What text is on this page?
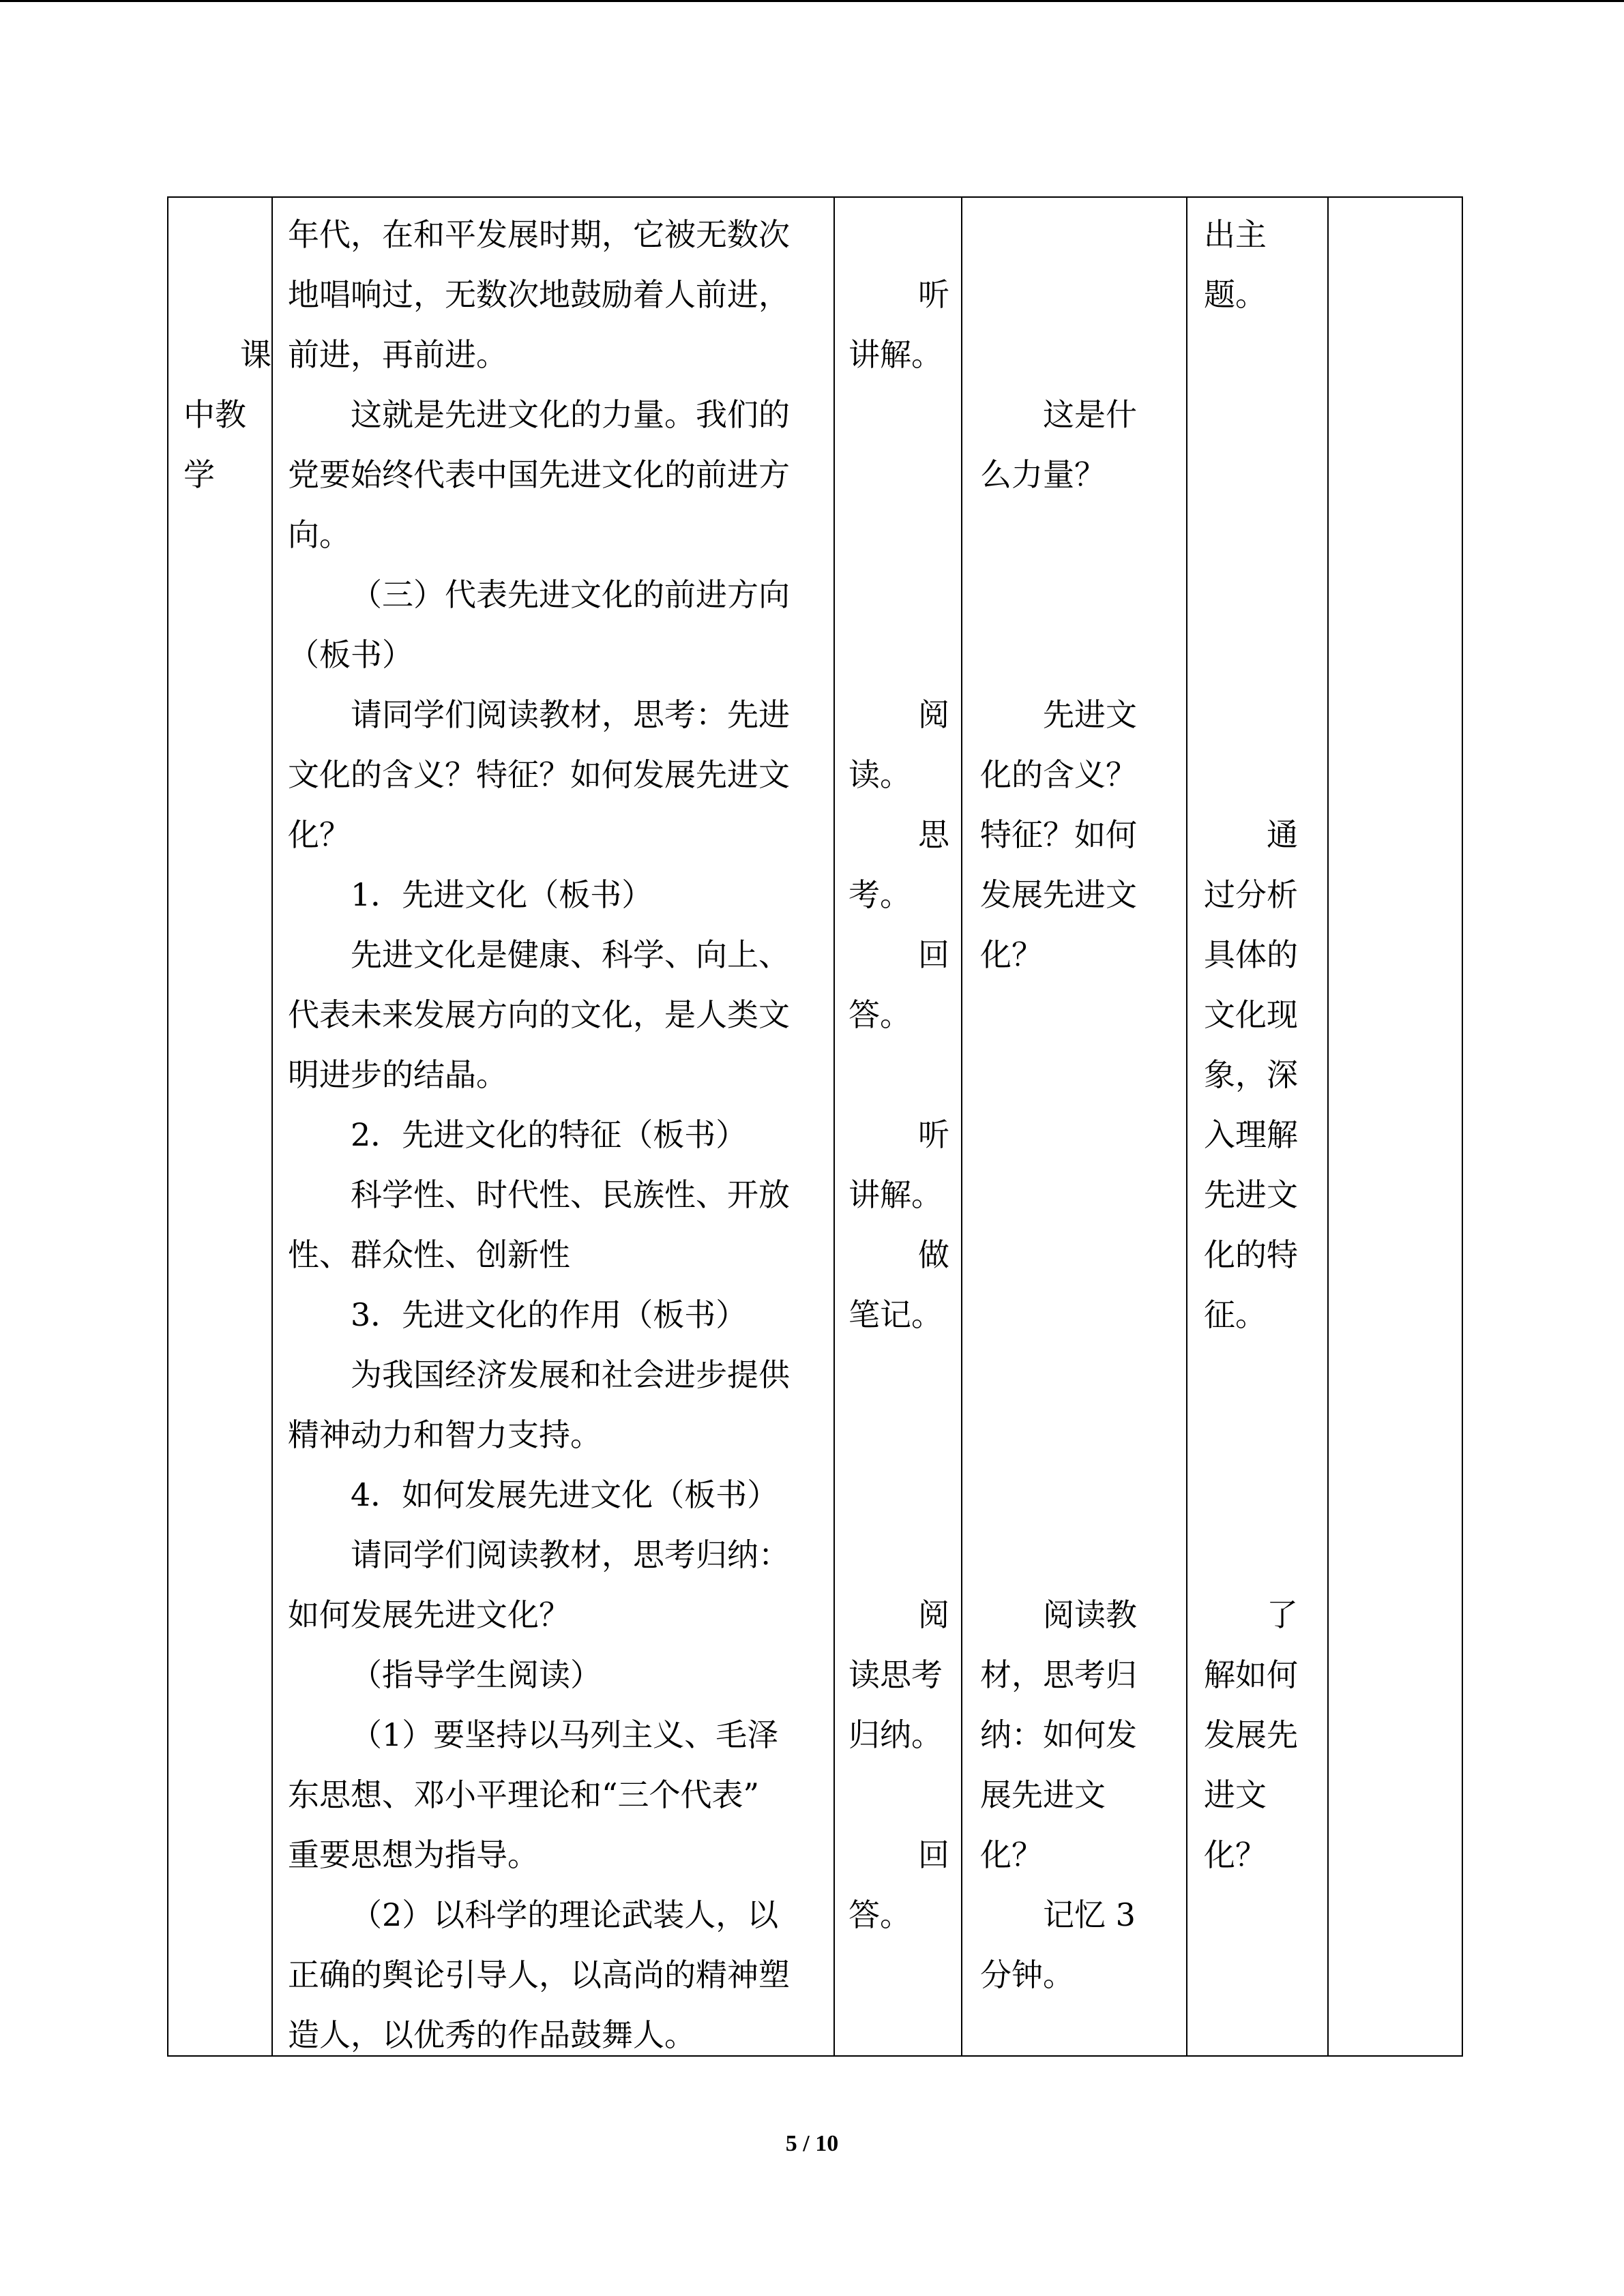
课

中教

学

年代，在和平发展时期，它被无数次

地唱响过，无数次地鼓励着人前进，

前进，再前进。

这就是先进文化的力量。我们的

党要始终代表中国先进文化的前进方

向。

（三）代表先进文化的前进方向

（板书）

请同学们阅读教材，思考：先进

文化的含义？特征？如何发展先进文

化？

1．先进文化（板书）

先进文化是健康、科学、向上、

代表未来发展方向的文化，是人类文

明进步的结晶。

2．先进文化的特征（板书）

科学性、时代性、民族性、开放

性、群众性、创新性

3．先进文化的作用（板书）

为我国经济发展和社会进步提供

精神动力和智力支持。

4．如何发展先进文化（板书）

请同学们阅读教材，思考归纳：

如何发展先进文化？

（指导学生阅读）

（1）要坚持以马列主义、毛泽

东思想、邓小平理论和“三个代表”

重要思想为指导。

（2）以科学的理论武装人，以

正确的舆论引导人，以高尚的精神塑

造人，以优秀的作品鼓舞人。

听

讲解。

阅

读。

思

考。

回

答。

听

讲解。

做

笔记。

阅

读思考

归纳。

回

答。

这是什

么力量？

先进文

化的含义？

特征？如何

发展先进文

化？

阅读教

材，思考归

纳：如何发

展先进文

化？

记忆 3

分钟。

出主

题。

通

过分析

具体的

文化现

象，深

入理解

先进文

化的特

征。

了

解如何

发展先

进文

化？

5 / 10
